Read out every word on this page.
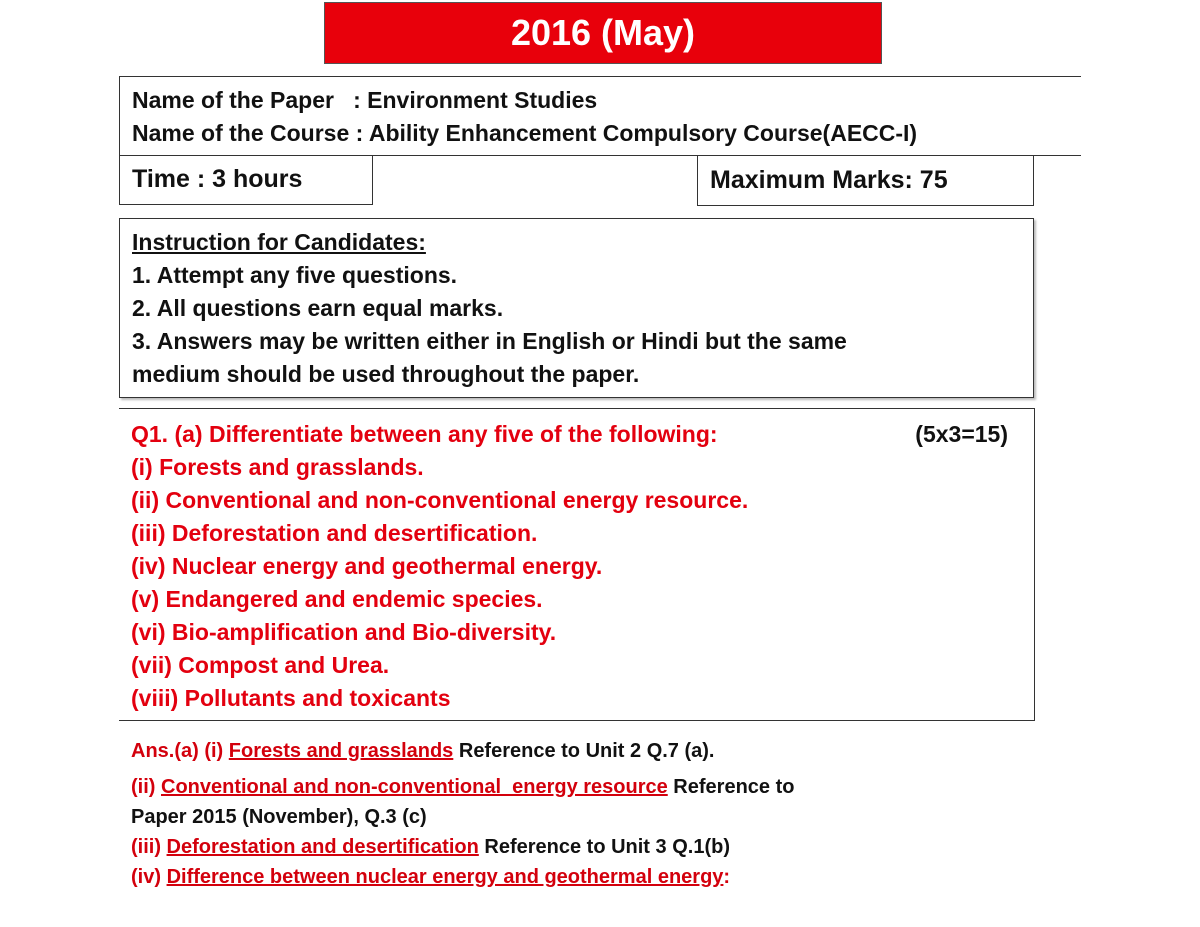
2016 (May)
Name of the Paper   : Environment Studies
Name of the Course : Ability Enhancement Compulsory Course(AECC-I)
Time : 3 hours	Maximum Marks: 75
Instruction for Candidates:
1. Attempt any five questions.
2. All questions earn equal marks.
3. Answers may be written either in English or Hindi but the same
medium should be used throughout the paper.
Q1. (a) Differentiate between any five of the following:	(5x3=15)
(i) Forests and grasslands.
(ii) Conventional and non-conventional energy resource.
(iii) Deforestation and desertification.
(iv) Nuclear energy and geothermal energy.
(v) Endangered and endemic species.
(vi) Bio-amplification and Bio-diversity.
(vii) Compost and Urea.
(viii) Pollutants and toxicants
Ans.(a) (i) Forests and grasslands Reference to Unit 2 Q.7 (a).
(ii) Conventional and non-conventional  energy resource Reference to
Paper 2015 (November), Q.3 (c)
(iii) Deforestation and desertification Reference to Unit 3 Q.1(b)
(iv) Difference between nuclear energy and geothermal energy:
